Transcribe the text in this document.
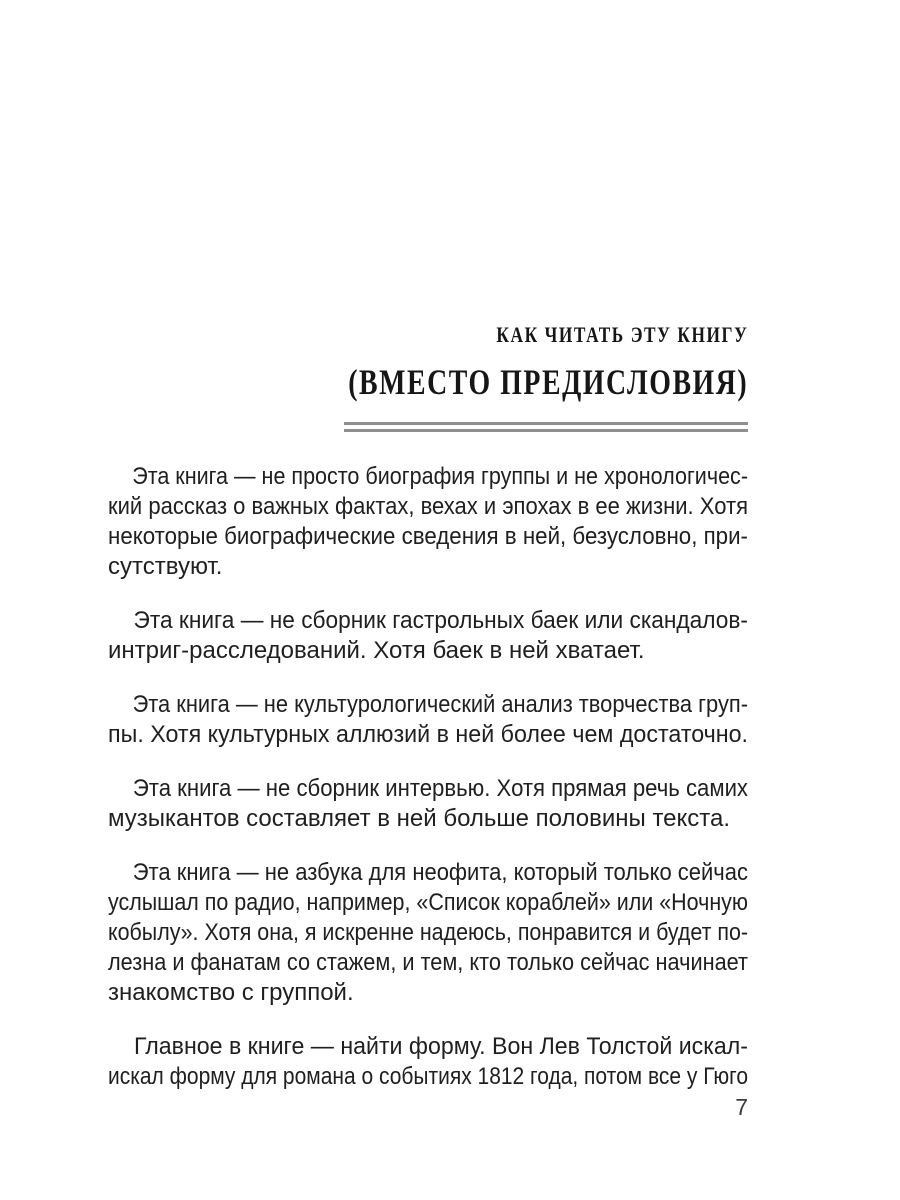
КАК ЧИТАТЬ ЭТУ КНИГУ
(ВМЕСТО ПРЕДИСЛОВИЯ)
Эта книга — не просто биография группы и не хронологичес-
кий рассказ о важных фактах, вехах и эпохах в ее жизни. Хотя
некоторые биографические сведения в ней, безусловно, при-
сутствуют.
Эта книга — не сборник гастрольных баек или скандалов-
интриг-расследований. Хотя баек в ней хватает.
Эта книга — не культурологический анализ творчества груп-
пы. Хотя культурных аллюзий в ней более чем достаточно.
Эта книга — не сборник интервью. Хотя прямая речь самих
музыкантов составляет в ней больше половины текста.
Эта книга — не азбука для неофита, который только сейчас
услышал по радио, например, «Список кораблей» или «Ночную
кобылу». Хотя она, я искренне надеюсь, понравится и будет по-
лезна и фанатам со стажем, и тем, кто только сейчас начинает
знакомство с группой.
Главное в книге — найти форму. Вон Лев Толстой искал-
искал форму для романа о событиях 1812 года, потом все у Гюго
7
